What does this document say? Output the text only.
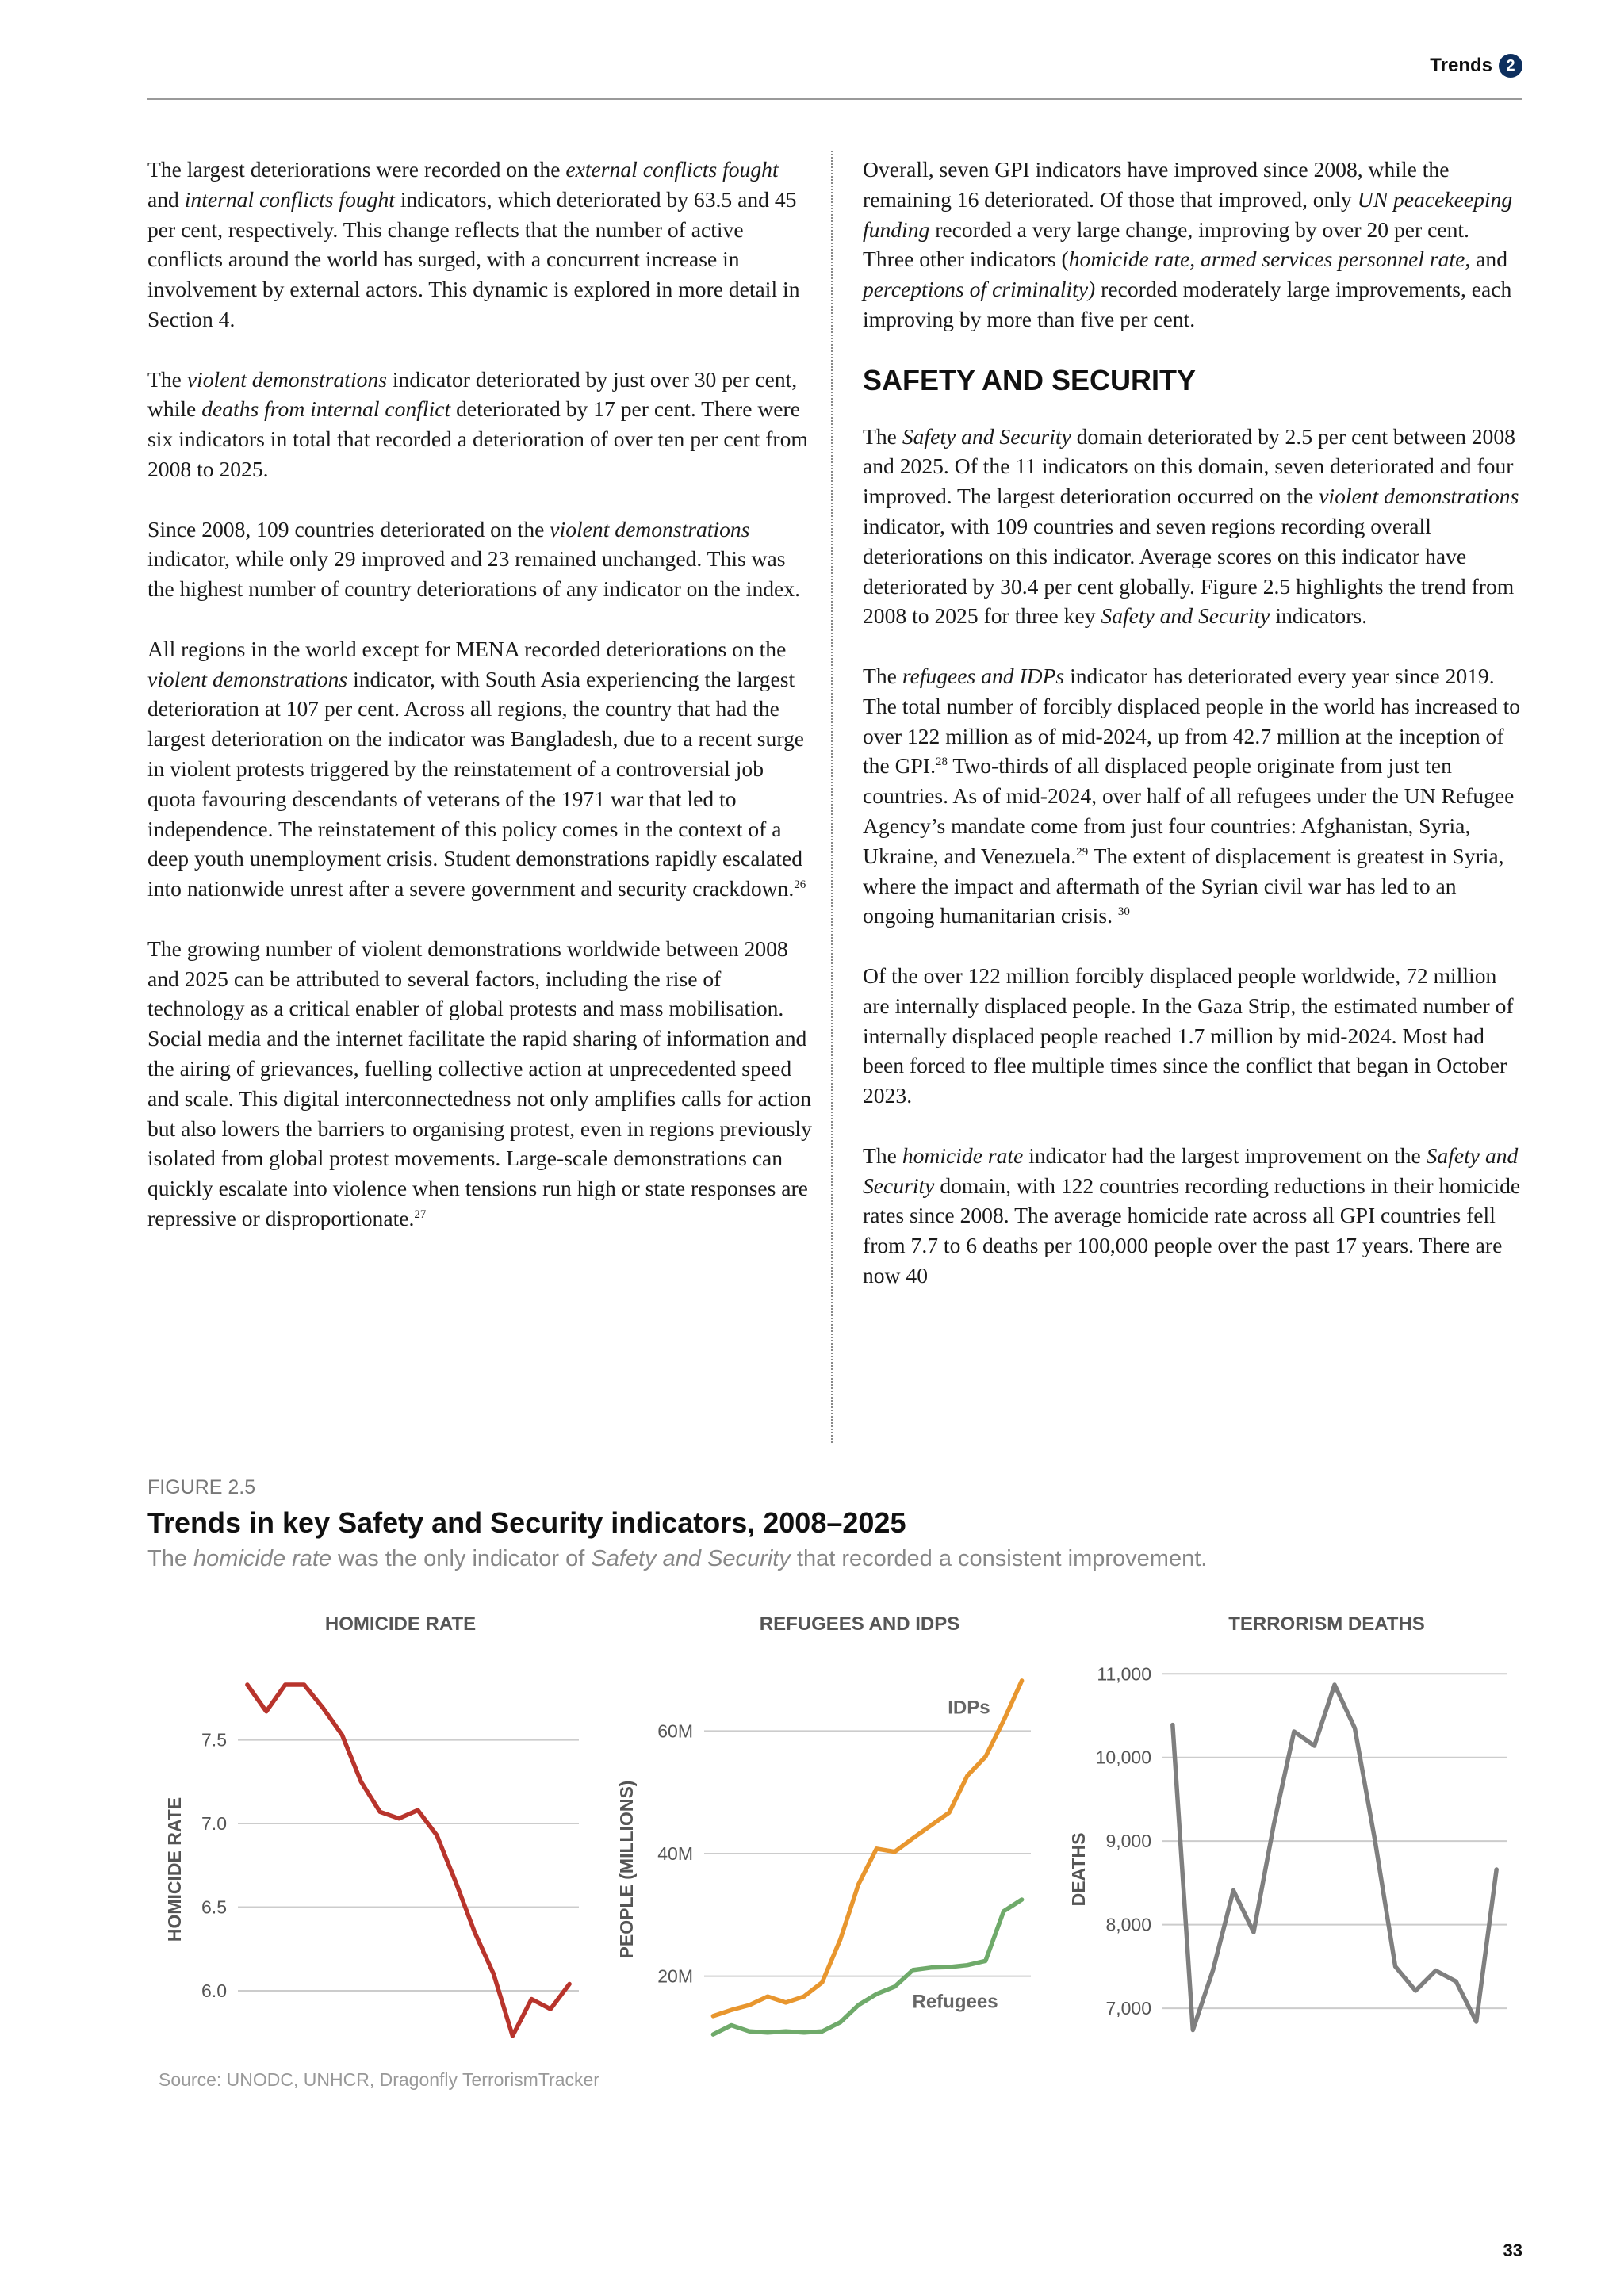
Trends 2

The largest deteriorations were recorded on the external conflicts fought and internal conflicts fought indicators, which deteriorated by 63.5 and 45 per cent, respectively. This change reflects that the number of active conflicts around the world has surged, with a concurrent increase in involvement by external actors. This dynamic is explored in more detail in Section 4.

The violent demonstrations indicator deteriorated by just over 30 per cent, while deaths from internal conflict deteriorated by 17 per cent. There were six indicators in total that recorded a deterioration of over ten per cent from 2008 to 2025.

Since 2008, 109 countries deteriorated on the violent demonstrations indicator, while only 29 improved and 23 remained unchanged. This was the highest number of country deteriorations of any indicator on the index.

All regions in the world except for MENA recorded deteriorations on the violent demonstrations indicator, with South Asia experiencing the largest deterioration at 107 per cent. Across all regions, the country that had the largest deterioration on the indicator was Bangladesh, due to a recent surge in violent protests triggered by the reinstatement of a controversial job quota favouring descendants of veterans of the 1971 war that led to independence. The reinstatement of this policy comes in the context of a deep youth unemployment crisis. Student demonstrations rapidly escalated into nationwide unrest after a severe government and security crackdown.$^{26}$

The growing number of violent demonstrations worldwide between 2008 and 2025 can be attributed to several factors, including the rise of technology as a critical enabler of global protests and mass mobilisation. Social media and the internet facilitate the rapid sharing of information and the airing of grievances, fuelling collective action at unprecedented speed and scale. This digital interconnectedness not only amplifies calls for action but also lowers the barriers to organising protest, even in regions previously isolated from global protest movements. Large-scale demonstrations can quickly escalate into violence when tensions run high or state responses are repressive or disproportionate.$^{27}$

Overall, seven GPI indicators have improved since 2008, while the remaining 16 deteriorated. Of those that improved, only UN peacekeeping funding recorded a very large change, improving by over 20 per cent. Three other indicators (homicide rate, armed services personnel rate, and perceptions of criminality) recorded moderately large improvements, each improving by more than five per cent.

SAFETY AND SECURITY

The Safety and Security domain deteriorated by 2.5 per cent between 2008 and 2025. Of the 11 indicators on this domain, seven deteriorated and four improved. The largest deterioration occurred on the violent demonstrations indicator, with 109 countries and seven regions recording overall deteriorations on this indicator. Average scores on this indicator have deteriorated by 30.4 per cent globally. Figure 2.5 highlights the trend from 2008 to 2025 for three key Safety and Security indicators.

The refugees and IDPs indicator has deteriorated every year since 2019. The total number of forcibly displaced people in the world has increased to over 122 million as of mid-2024, up from 42.7 million at the inception of the GPI.$^{28}$ Two-thirds of all displaced people originate from just ten countries. As of mid-2024, over half of all refugees under the UN Refugee Agency’s mandate come from just four countries: Afghanistan, Syria, Ukraine, and Venezuela.$^{29}$ The extent of displacement is greatest in Syria, where the impact and aftermath of the Syrian civil war has led to an ongoing humanitarian crisis. $^{30}$

Of the over 122 million forcibly displaced people worldwide, 72 million are internally displaced people. In the Gaza Strip, the estimated number of internally displaced people reached 1.7 million by mid-2024. Most had been forced to flee multiple times since the conflict that began in October 2023.

The homicide rate indicator had the largest improvement on the Safety and Security domain, with 122 countries recording reductions in their homicide rates since 2008. The average homicide rate across all GPI countries fell from 7.7 to 6 deaths per 100,000 people over the past 17 years. There are now 40

FIGURE 2.5
Trends in key Safety and Security indicators, 2008–2025
The homicide rate was the only indicator of Safety and Security that recorded a consistent improvement.
HOMICIDE RATE
6.0
6.5
7.0
7.5
HOMICIDE RATE
REFUGEES AND IDPS
20M
40M
60M
PEOPLE (MILLIONS)
IDPs
Refugees
TERRORISM DEATHS
7,000
8,000
9,000
10,000
11,000
DEATHS
Source: UNODC, UNHCR, Dragonfly TerrorismTracker
33
